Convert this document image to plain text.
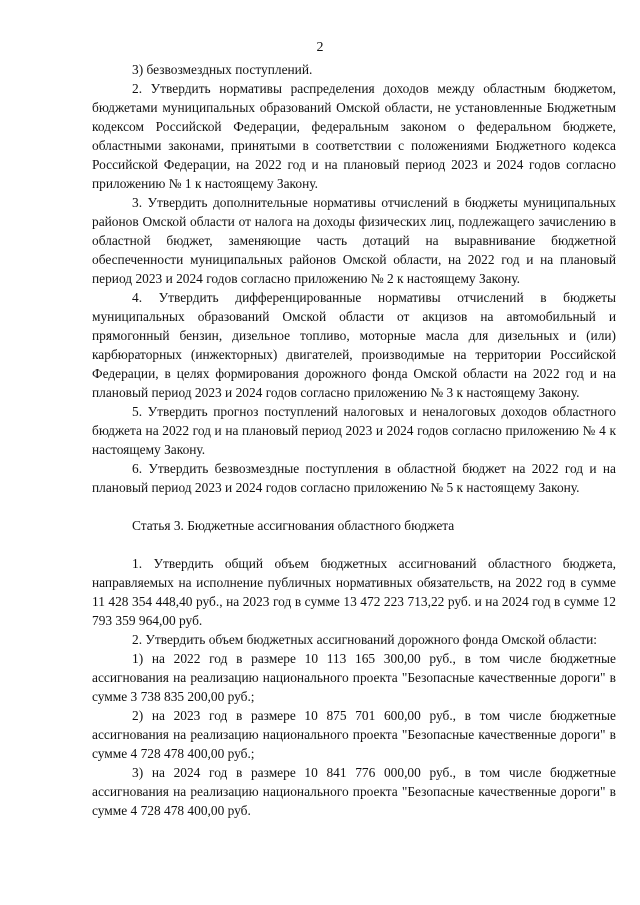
2

3) безвозмездных поступлений.

2. Утвердить нормативы распределения доходов между областным бюджетом, бюджетами муниципальных образований Омской области, не установленные Бюджетным кодексом Российской Федерации, федеральным законом о федеральном бюджете, областными законами, принятыми в соответствии с положениями Бюджетного кодекса Российской Федерации, на 2022 год и на плановый период 2023 и 2024 годов согласно приложению № 1 к настоящему Закону.

3. Утвердить дополнительные нормативы отчислений в бюджеты муниципальных районов Омской области от налога на доходы физических лиц, подлежащего зачислению в областной бюджет, заменяющие часть дотаций на выравнивание бюджетной обеспеченности муниципальных районов Омской области, на 2022 год и на плановый период 2023 и 2024 годов согласно приложению № 2 к настоящему Закону.

4. Утвердить дифференцированные нормативы отчислений в бюджеты муниципальных образований Омской области от акцизов на автомобильный и прямогонный бензин, дизельное топливо, моторные масла для дизельных и (или) карбюраторных (инжекторных) двигателей, производимые на территории Российской Федерации, в целях формирования дорожного фонда Омской области на 2022 год и на плановый период 2023 и 2024 годов согласно приложению № 3 к настоящему Закону.

5. Утвердить прогноз поступлений налоговых и неналоговых доходов областного бюджета на 2022 год и на плановый период 2023 и 2024 годов согласно приложению № 4 к настоящему Закону.

6. Утвердить безвозмездные поступления в областной бюджет на 2022 год и на плановый период 2023 и 2024 годов согласно приложению № 5 к настоящему Закону.

Статья 3. Бюджетные ассигнования областного бюджета

1. Утвердить общий объем бюджетных ассигнований областного бюджета, направляемых на исполнение публичных нормативных обязательств, на 2022 год в сумме 11 428 354 448,40 руб., на 2023 год в сумме 13 472 223 713,22 руб. и на 2024 год в сумме 12 793 359 964,00 руб.

2. Утвердить объем бюджетных ассигнований дорожного фонда Омской области:

1) на 2022 год в размере 10 113 165 300,00 руб., в том числе бюджетные ассигнования на реализацию национального проекта "Безопасные качественные дороги" в сумме 3 738 835 200,00 руб.;

2) на 2023 год в размере 10 875 701 600,00 руб., в том числе бюджетные ассигнования на реализацию национального проекта "Безопасные качественные дороги" в сумме 4 728 478 400,00 руб.;

3) на 2024 год в размере 10 841 776 000,00 руб., в том числе бюджетные ассигнования на реализацию национального проекта "Безопасные качественные дороги" в сумме 4 728 478 400,00 руб.
